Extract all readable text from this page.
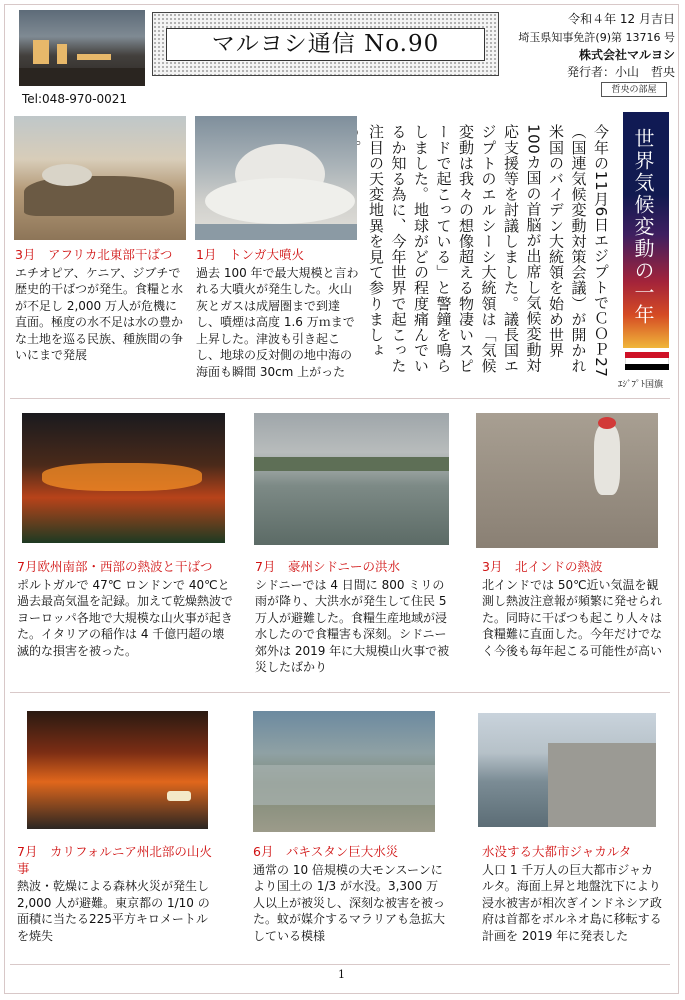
Tel:048-970-0021
マルヨシ通信 No.90
令和４年 12 月吉日
埼玉県知事免許(9)第 13716 号
株式会社マルヨシ
発行者：小山　哲央
哲央の部屋
世界気候変動の一年
ｴｼﾞﾌﾟﾄ国旗
今年の11月6日エジプトでＣＯＰ27（国連気候変動対策会議）が開かれ米国のバイデン大統領を始め世界100カ国の首脳が出席し気候変動対応支援等を討議しました。議長国エジプトのエルシーシ大統領は「気候変動は我々の想像超える物凄いスピードで起こっている」と警鐘を鳴らしました。地球がどの程度痛んでいるか知る為に、今年世界で起こった注目の天変地異を見て参りましょ
3月　アフリカ北東部干ばつ
エチオピア、ケニア、ジブチで歴史的干ばつが発生。食糧と水が不足し 2,000 万人が危機に直面。極度の水不足は水の豊かな土地を巡る民族、種族間の争いにまで発展
1月　トンガ大噴火
過去 100 年で最大規模と言われる大噴火が発生した。火山灰とガスは成層圏まで到達し、噴煙は高度 1.6 万ｍまで上昇した。津波も引き起こし、地球の反対側の地中海の海面も瞬間 30cm 上がった
7月欧州南部・西部の熱波と干ばつ
ポルトガルで 47℃ ロンドンで 40℃と過去最高気温を記録。加えて乾燥熱波でヨーロッパ各地で大規模な山火事が起きた。イタリアの稲作は 4 千億円超の壊滅的な損害を被った。
7月　豪州シドニーの洪水
シドニーでは 4 日間に 800 ミリの雨が降り、大洪水が発生して住民 5 万人が避難した。食糧生産地域が浸水したので食糧害も深刻。シドニー郊外は 2019 年に大規模山火事で被災したばかり
3月　北インドの熱波
北インドでは 50℃近い気温を観測し熱波注意報が頻繁に発せられた。同時に干ばつも起こり人々は食糧難に直面した。今年だけでなく今後も毎年起こる可能性が高い
7月　カリフォルニア州北部の山火事
熱波・乾燥による森林火災が発生し 2,000 人が避難。東京都の 1/10 の面積に当たる225平方キロメートルを焼失
6月　パキスタン巨大水災
通常の 10 倍規模の大モンスーンにより国土の 1/3 が水没。3,300 万人以上が被災し、深刻な被害を被った。蚊が媒介するマラリアも急拡大している模様
水没する大都市ジャカルタ
人口 1 千万人の巨大都市ジャカルタ。海面上昇と地盤沈下により浸水被害が相次ぎインドネシア政府は首都をボルネオ島に移転する計画を 2019 年に発表した
1
